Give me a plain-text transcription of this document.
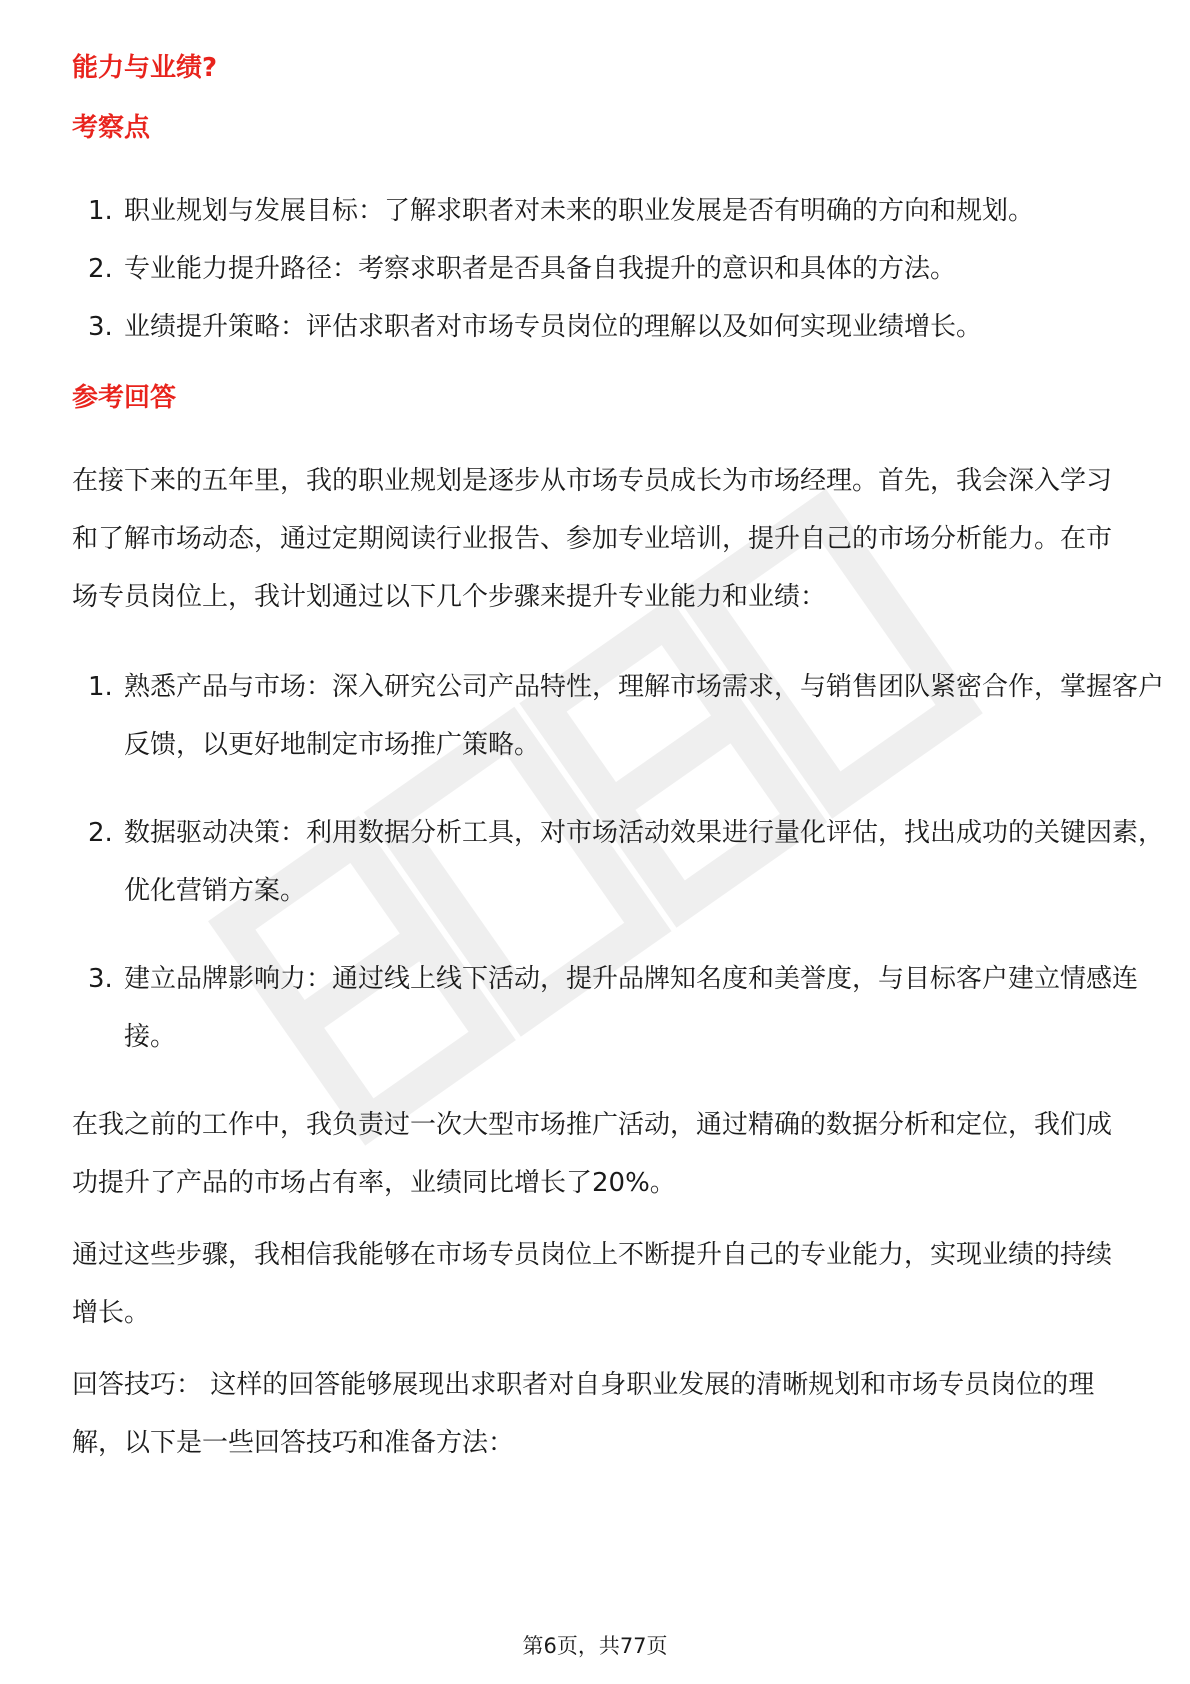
能力与业绩?
考察点
1. 职业规划与发展目标：了解求职者对未来的职业发展是否有明确的方向和规划。
2. 专业能力提升路径：考察求职者是否具备自我提升的意识和具体的方法。
3. 业绩提升策略：评估求职者对市场专员岗位的理解以及如何实现业绩增长。
参考回答

在接下来的五年里，我的职业规划是逐步从市场专员成长为市场经理。首先，我会深入学习和了解市场动态，通过定期阅读行业报告、参加专业培训，提升自己的市场分析能力。在市场专员岗位上，我计划通过以下几个步骤来提升专业能力和业绩：

1. 熟悉产品与市场：深入研究公司产品特性，理解市场需求，与销售团队紧密合作，掌握客户反馈，以更好地制定市场推广策略。
2. 数据驱动决策：利用数据分析工具，对市场活动效果进行量化评估，找出成功的关键因素，优化营销方案。
3. 建立品牌影响力：通过线上线下活动，提升品牌知名度和美誉度，与目标客户建立情感连接。

在我之前的工作中，我负责过一次大型市场推广活动，通过精确的数据分析和定位，我们成功提升了产品的市场占有率，业绩同比增长了20%。

通过这些步骤，我相信我能够在市场专员岗位上不断提升自己的专业能力，实现业绩的持续增长。

回答技巧： 这样的回答能够展现出求职者对自身职业发展的清晰规划和市场专员岗位的理解，以下是一些回答技巧和准备方法：

第6页，共77页
